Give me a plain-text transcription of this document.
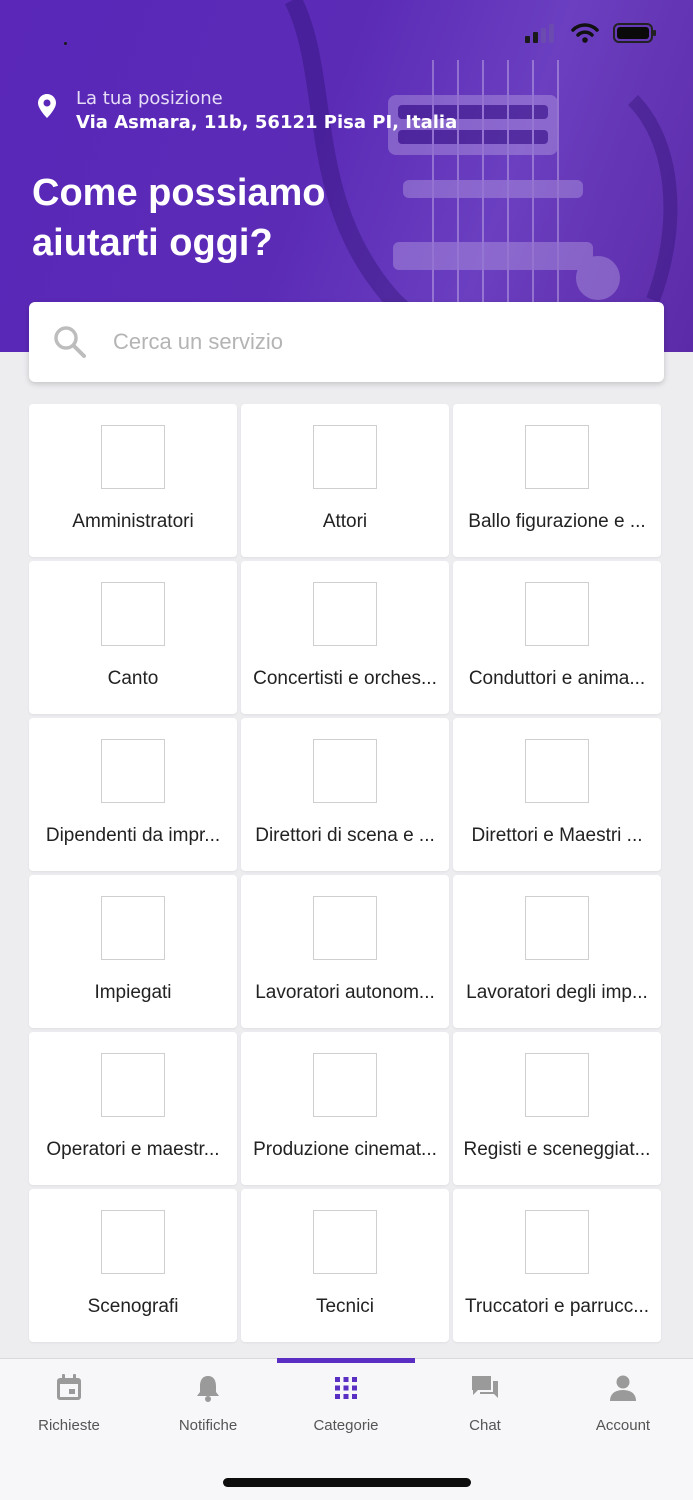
La tua posizione
Via Asmara, 11b, 56121 Pisa PI, Italia
Come possiamo
aiutarti oggi?
Cerca un servizio
Amministratori	Attori	Ballo figurazione e ...
Canto	Concertisti e orches...	Conduttori e anima...
Dipendenti da impr...	Direttori di scena e ...	Direttori e Maestri ...
Impiegati	Lavoratori autonom...	Lavoratori degli imp...
Operatori e maestr...	Produzione cinemat...	Registi e sceneggiat...
Scenografi	Tecnici	Truccatori e parrucc...
Richieste	Notifiche	Categorie	Chat	Account
